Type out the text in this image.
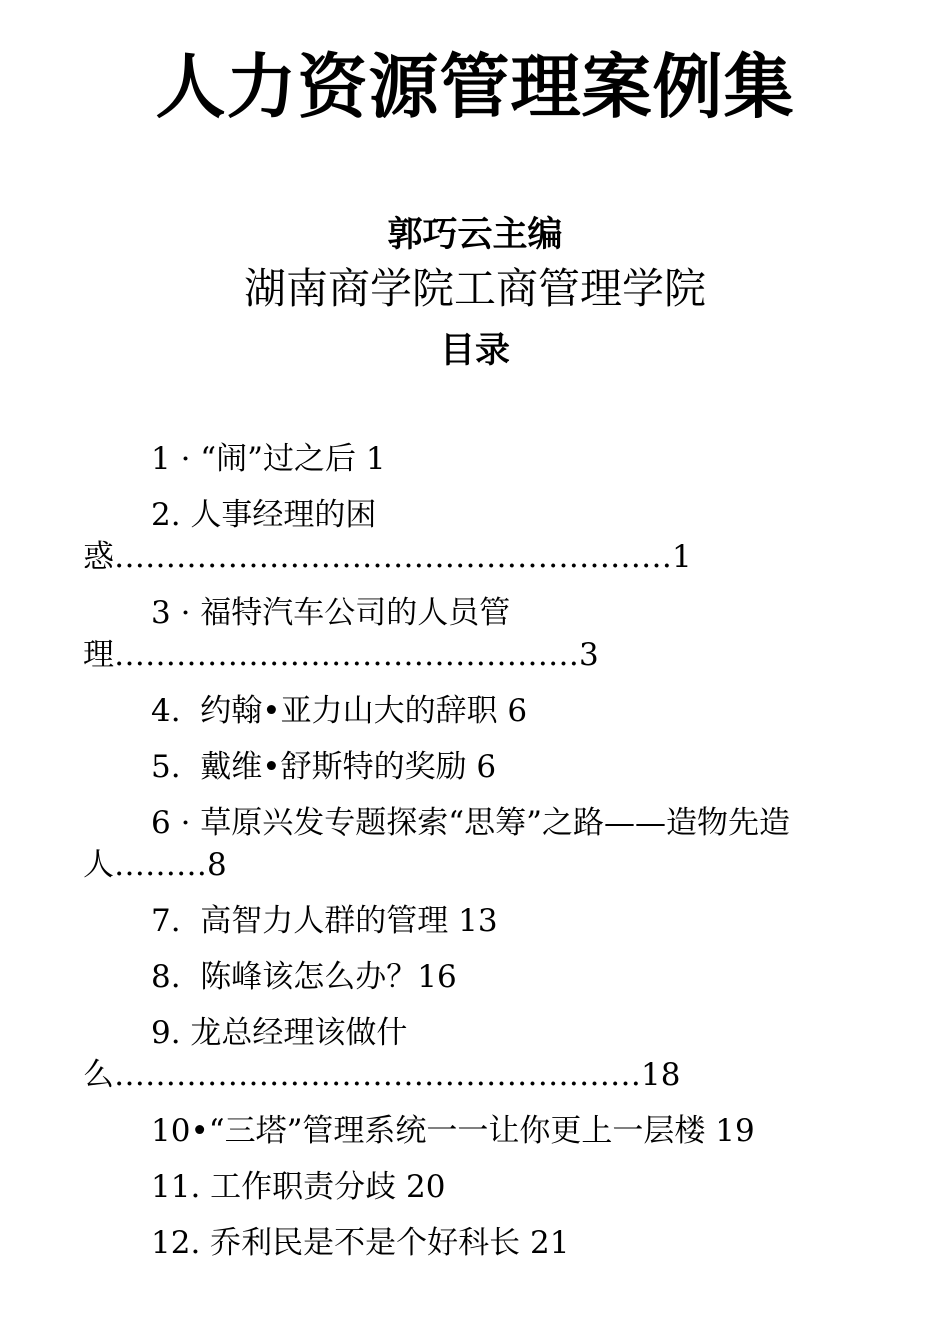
人力资源管理案例集
郭巧云主编
湖南商学院工商管理学院
目录
1 · “闹”过之后 1
2. 人事经理的困惑………………………………………………1
3 · 福特汽车公司的人员管理………………………………………3
4.  约翰•亚力山大的辞职 6
5.  戴维•舒斯特的奖励 6
6 · 草原兴发专题探索“思筹”之路——造物先造人………8
7.  高智力人群的管理 13
8.  陈峰该怎么办？16
9. 龙总经理该做什么……………………………………………18
10•“三塔”管理系统一一让你更上一层楼 19
11. 工作职责分歧 20
12. 乔利民是不是个好科长 21
